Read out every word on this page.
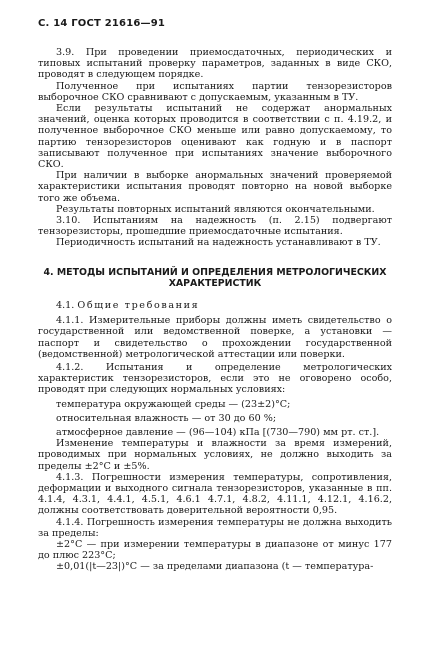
С. 14 ГОСТ 21616—91

3.9. При проведении приемосдаточных, периодических и типовых испытаний проверку параметров, заданных в виде СКО, проводят в следующем порядке.

Полученное при испытаниях партии тензорезисторов выборочное СКО сравнивают с допускаемым, указанным в ТУ.

Если результаты испытаний не содержат анормальных значений, оценка которых проводится в соответствии с п. 4.19.2, и полученное выборочное СКО меньше или равно допускаемому, то партию тензорезисторов оценивают как годную и в паспорт записывают полученное при испытаниях значение выборочного СКО.

При наличии в выборке анормальных значений проверяемой характеристики испытания проводят повторно на новой выборке того же объема.

Результаты повторных испытаний являются окончательными.

3.10. Испытаниям на надежность (п. 2.15) подвергают тензорезисторы, прошедшие приемосдаточные испытания.

Периодичность испытаний на надежность устанавливают в ТУ.

4. МЕТОДЫ ИСПЫТАНИЙ И ОПРЕДЕЛЕНИЯ МЕТРОЛОГИЧЕСКИХ ХАРАКТЕРИСТИК
4.1. Общие требования

4.1.1. Измерительные приборы должны иметь свидетельство о государственной или ведомственной поверке, а установки — паспорт и свидетельство о прохождении государственной (ведомственной) метрологической аттестации или поверки.

4.1.2. Испытания и определение метрологических характеристик тензорезисторов, если это не оговорено особо, проводят при следующих нормальных условиях:

температура окружающей среды — (23±2)°С;

относительная влажность — от 30 до 60 %;

атмосферное давление — (96—104) кПа [(730—790) мм рт. ст.].

Изменение температуры и влажности за время измерений, проводимых при нормальных условиях, не должно выходить за пределы ±2°С и ±5%.

4.1.3. Погрешности измерения температуры, сопротивления, деформации и выходного сигнала тензорезисторов, указанные в пп. 4.1.4, 4.3.1, 4.4.1, 4.5.1, 4.6.1 4.7.1, 4.8.2, 4.11.1, 4.12.1, 4.16.2, должны соответствовать доверительной вероятности 0,95.

4.1.4. Погрешность измерения температуры не должна выходить за пределы:

±2°С — при измерении температуры в диапазоне от минус 177 до плюс 223°С;

±0,01(|t—23|)°С — за пределами диапазона (t — температура-
